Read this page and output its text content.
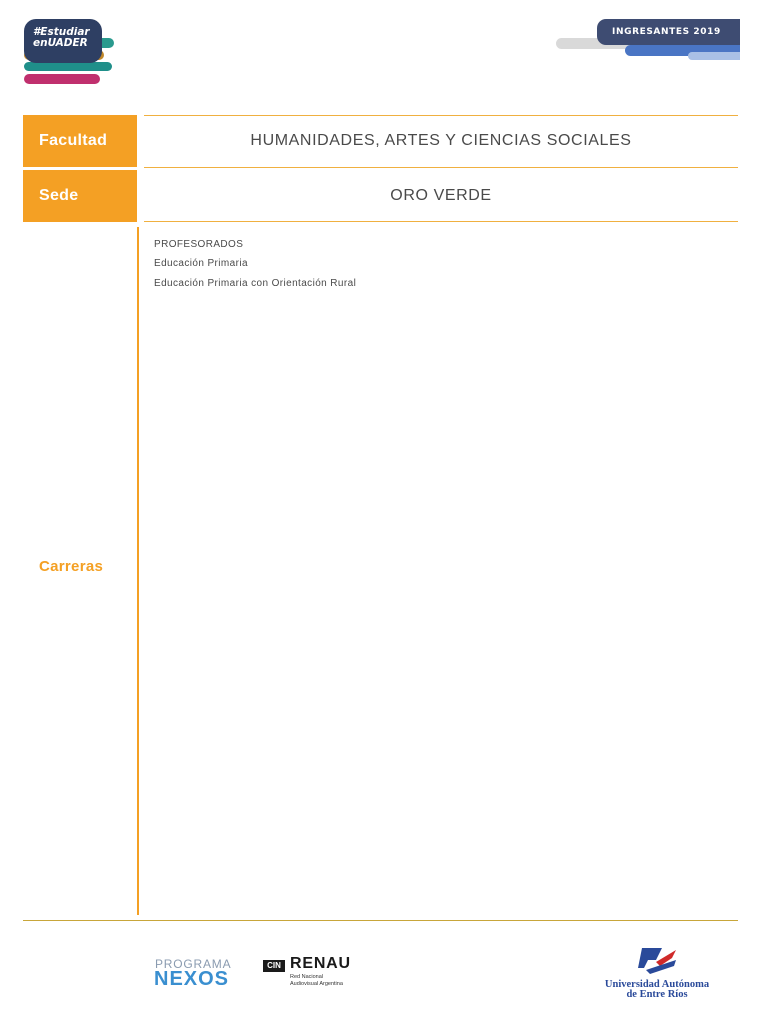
#Estudiar
enUADER
INGRESANTES 2019
Facultad	HUMANIDADES, ARTES Y CIENCIAS SOCIALES
Sede	ORO VERDE
Carreras
PROFESORADOS
Educación Primaria
Educación Primaria con Orientación Rural
PROGRAMA
NEXOS
CIN RENAU
Red Nacional
Audiovisual Argentina	Universidad Autónoma
de Entre Ríos
